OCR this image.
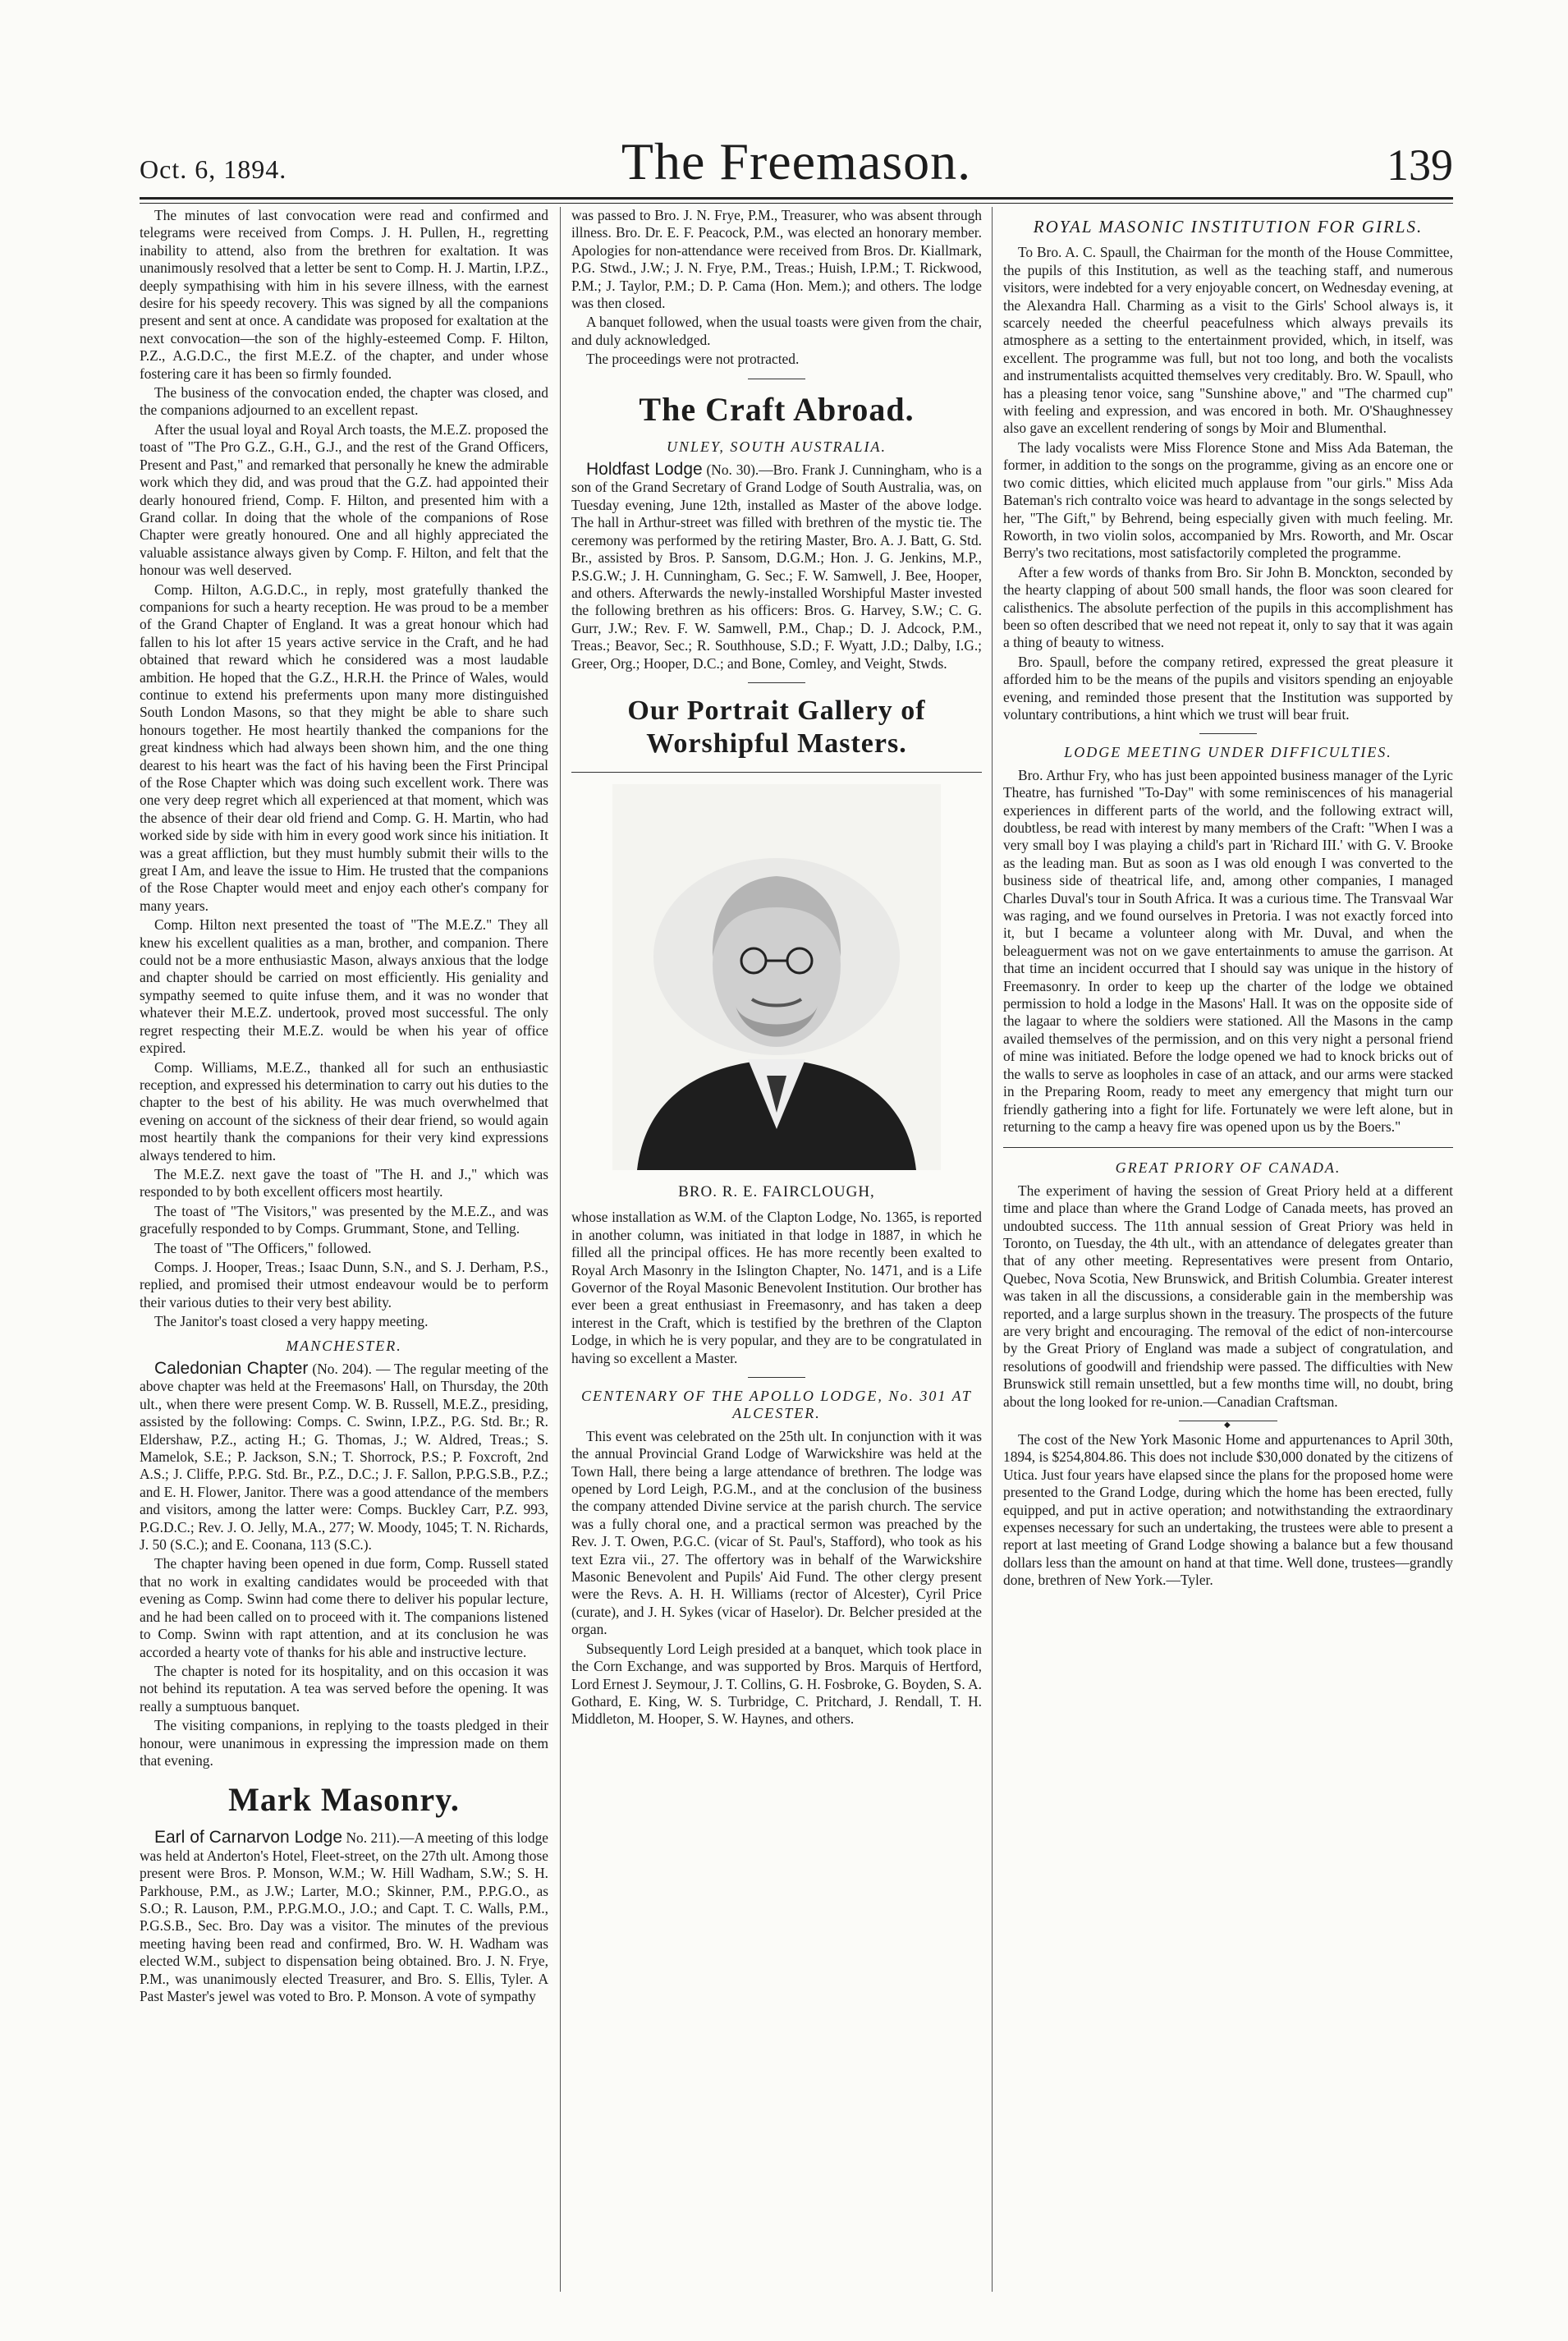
Oct. 6, 1894.	The Freemason.	139

The minutes of last convocation were read and confirmed and telegrams were received from Comps. J. H. Pullen, H., regretting inability to attend, also from the brethren for exaltation. It was unanimously resolved that a letter be sent to Comp. H. J. Martin, I.P.Z., deeply sympathising with him in his severe illness, with the earnest desire for his speedy recovery. This was signed by all the companions present and sent at once. A candidate was proposed for exaltation at the next convocation—the son of the highly-esteemed Comp. F. Hilton, P.Z., A.G.D.C., the first M.E.Z. of the chapter, and under whose fostering care it has been so firmly founded.

The business of the convocation ended, the chapter was closed, and the companions adjourned to an excellent repast.

After the usual loyal and Royal Arch toasts, the M.E.Z. proposed the toast of "The Pro G.Z., G.H., G.J., and the rest of the Grand Officers, Present and Past," and remarked that personally he knew the admirable work which they did, and was proud that the G.Z. had appointed their dearly honoured friend, Comp. F. Hilton, and presented him with a Grand collar. In doing that the whole of the companions of Rose Chapter were greatly honoured. One and all highly appreciated the valuable assistance always given by Comp. F. Hilton, and felt that the honour was well deserved.

Comp. Hilton, A.G.D.C., in reply, most gratefully thanked the companions for such a hearty reception. He was proud to be a member of the Grand Chapter of England. It was a great honour which had fallen to his lot after 15 years active service in the Craft, and he had obtained that reward which he considered was a most laudable ambition. He hoped that the G.Z., H.R.H. the Prince of Wales, would continue to extend his preferments upon many more distinguished South London Masons, so that they might be able to share such honours together. He most heartily thanked the companions for the great kindness which had always been shown him, and the one thing dearest to his heart was the fact of his having been the First Principal of the Rose Chapter which was doing such excellent work. There was one very deep regret which all experienced at that moment, which was the absence of their dear old friend and Comp. G. H. Martin, who had worked side by side with him in every good work since his initiation. It was a great affliction, but they must humbly submit their wills to the great I Am, and leave the issue to Him. He trusted that the companions of the Rose Chapter would meet and enjoy each other's company for many years.

Comp. Hilton next presented the toast of "The M.E.Z." They all knew his excellent qualities as a man, brother, and companion. There could not be a more enthusiastic Mason, always anxious that the lodge and chapter should be carried on most efficiently. His geniality and sympathy seemed to quite infuse them, and it was no wonder that whatever their M.E.Z. undertook, proved most successful. The only regret respecting their M.E.Z. would be when his year of office expired.

Comp. Williams, M.E.Z., thanked all for such an enthusiastic reception, and expressed his determination to carry out his duties to the chapter to the best of his ability. He was much overwhelmed that evening on account of the sickness of their dear friend, so would again most heartily thank the companions for their very kind expressions always tendered to him.

The M.E.Z. next gave the toast of "The H. and J.," which was responded to by both excellent officers most heartily.

The toast of "The Visitors," was presented by the M.E.Z., and was gracefully responded to by Comps. Grummant, Stone, and Telling.

The toast of "The Officers," followed.

Comps. J. Hooper, Treas.; Isaac Dunn, S.N., and S. J. Derham, P.S., replied, and promised their utmost endeavour would be to perform their various duties to their very best ability.

The Janitor's toast closed a very happy meeting.

MANCHESTER.

Caledonian Chapter (No. 204). — The regular meeting of the above chapter was held at the Freemasons' Hall, on Thursday, the 20th ult., when there were present Comp. W. B. Russell, M.E.Z., presiding, assisted by the following: Comps. C. Swinn, I.P.Z., P.G. Std. Br.; R. Eldershaw, P.Z., acting H.; G. Thomas, J.; W. Aldred, Treas.; S. Mamelok, S.E.; P. Jackson, S.N.; T. Shorrock, P.S.; P. Foxcroft, 2nd A.S.; J. Cliffe, P.P.G. Std. Br., P.Z., D.C.; J. F. Sallon, P.P.G.S.B., P.Z.; and E. H. Flower, Janitor. There was a good attendance of the members and visitors, among the latter were: Comps. Buckley Carr, P.Z. 993, P.G.D.C.; Rev. J. O. Jelly, M.A., 277; W. Moody, 1045; T. N. Richards, J. 50 (S.C.); and E. Coonana, 113 (S.C.).

The chapter having been opened in due form, Comp. Russell stated that no work in exalting candidates would be proceeded with that evening as Comp. Swinn had come there to deliver his popular lecture, and he had been called on to proceed with it. The companions listened to Comp. Swinn with rapt attention, and at its conclusion he was accorded a hearty vote of thanks for his able and instructive lecture.

The chapter is noted for its hospitality, and on this occasion it was not behind its reputation. A tea was served before the opening. It was really a sumptuous banquet.

The visiting companions, in replying to the toasts pledged in their honour, were unanimous in expressing the impression made on them that evening.

Mark Masonry.

Earl of Carnarvon Lodge No. 211).—A meeting of this lodge was held at Anderton's Hotel, Fleet-street, on the 27th ult. Among those present were Bros. P. Monson, W.M.; W. Hill Wadham, S.W.; S. H. Parkhouse, P.M., as J.W.; Larter, M.O.; Skinner, P.M., P.P.G.O., as S.O.; R. Lauson, P.M., P.P.G.M.O., J.O.; and Capt. T. C. Walls, P.M., P.G.S.B., Sec. Bro. Day was a visitor. The minutes of the previous meeting having been read and confirmed, Bro. W. H. Wadham was elected W.M., subject to dispensation being obtained. Bro. J. N. Frye, P.M., was unanimously elected Treasurer, and Bro. S. Ellis, Tyler. A Past Master's jewel was voted to Bro. P. Monson. A vote of sympathy

was passed to Bro. J. N. Frye, P.M., Treasurer, who was absent through illness. Bro. Dr. E. F. Peacock, P.M., was elected an honorary member. Apologies for non-attendance were received from Bros. Dr. Kiallmark, P.G. Stwd., J.W.; J. N. Frye, P.M., Treas.; Huish, I.P.M.; T. Rickwood, P.M.; J. Taylor, P.M.; D. P. Cama (Hon. Mem.); and others. The lodge was then closed.

A banquet followed, when the usual toasts were given from the chair, and duly acknowledged.

The proceedings were not protracted.

The Craft Abroad.
UNLEY, SOUTH AUSTRALIA.

Holdfast Lodge (No. 30).—Bro. Frank J. Cunningham, who is a son of the Grand Secretary of Grand Lodge of South Australia, was, on Tuesday evening, June 12th, installed as Master of the above lodge. The hall in Arthur-street was filled with brethren of the mystic tie. The ceremony was performed by the retiring Master, Bro. A. J. Batt, G. Std. Br., assisted by Bros. P. Sansom, D.G.M.; Hon. J. G. Jenkins, M.P., P.S.G.W.; J. H. Cunningham, G. Sec.; F. W. Samwell, J. Bee, Hooper, and others. Afterwards the newly-installed Worshipful Master invested the following brethren as his officers: Bros. G. Harvey, S.W.; C. G. Gurr, J.W.; Rev. F. W. Samwell, P.M., Chap.; D. J. Adcock, P.M., Treas.; Beavor, Sec.; R. Southhouse, S.D.; F. Wyatt, J.D.; Dalby, I.G.; Greer, Org.; Hooper, D.C.; and Bone, Comley, and Veight, Stwds.

Our Portrait Gallery of Worshipful Masters.
BRO. R. E. FAIRCLOUGH,

whose installation as W.M. of the Clapton Lodge, No. 1365, is reported in another column, was initiated in that lodge in 1887, in which he filled all the principal offices. He has more recently been exalted to Royal Arch Masonry in the Islington Chapter, No. 1471, and is a Life Governor of the Royal Masonic Benevolent Institution. Our brother has ever been a great enthusiast in Freemasonry, and has taken a deep interest in the Craft, which is testified by the brethren of the Clapton Lodge, in which he is very popular, and they are to be congratulated in having so excellent a Master.

CENTENARY OF THE APOLLO LODGE, No. 301 AT ALCESTER.

This event was celebrated on the 25th ult. In conjunction with it was the annual Provincial Grand Lodge of Warwickshire was held at the Town Hall, there being a large attendance of brethren. The lodge was opened by Lord Leigh, P.G.M., and at the conclusion of the business the company attended Divine service at the parish church. The service was a fully choral one, and a practical sermon was preached by the Rev. J. T. Owen, P.G.C. (vicar of St. Paul's, Stafford), who took as his text Ezra vii., 27. The offertory was in behalf of the Warwickshire Masonic Benevolent and Pupils' Aid Fund. The other clergy present were the Revs. A. H. H. Williams (rector of Alcester), Cyril Price (curate), and J. H. Sykes (vicar of Haselor). Dr. Belcher presided at the organ.

Subsequently Lord Leigh presided at a banquet, which took place in the Corn Exchange, and was supported by Bros. Marquis of Hertford, Lord Ernest J. Seymour, J. T. Collins, G. H. Fosbroke, G. Boyden, S. A. Gothard, E. King, W. S. Turbridge, C. Pritchard, J. Rendall, T. H. Middleton, M. Hooper, S. W. Haynes, and others.

ROYAL MASONIC INSTITUTION FOR GIRLS.

To Bro. A. C. Spaull, the Chairman for the month of the House Committee, the pupils of this Institution, as well as the teaching staff, and numerous visitors, were indebted for a very enjoyable concert, on Wednesday evening, at the Alexandra Hall. Charming as a visit to the Girls' School always is, it scarcely needed the cheerful peacefulness which always prevails its atmosphere as a setting to the entertainment provided, which, in itself, was excellent. The programme was full, but not too long, and both the vocalists and instrumentalists acquitted themselves very creditably. Bro. W. Spaull, who has a pleasing tenor voice, sang "Sunshine above," and "The charmed cup" with feeling and expression, and was encored in both. Mr. O'Shaughnessey also gave an excellent rendering of songs by Moir and Blumenthal.

The lady vocalists were Miss Florence Stone and Miss Ada Bateman, the former, in addition to the songs on the programme, giving as an encore one or two comic ditties, which elicited much applause from "our girls." Miss Ada Bateman's rich contralto voice was heard to advantage in the songs selected by her, "The Gift," by Behrend, being especially given with much feeling. Mr. Roworth, in two violin solos, accompanied by Mrs. Roworth, and Mr. Oscar Berry's two recitations, most satisfactorily completed the programme.

After a few words of thanks from Bro. Sir John B. Monckton, seconded by the hearty clapping of about 500 small hands, the floor was soon cleared for calisthenics. The absolute perfection of the pupils in this accomplishment has been so often described that we need not repeat it, only to say that it was again a thing of beauty to witness.

Bro. Spaull, before the company retired, expressed the great pleasure it afforded him to be the means of the pupils and visitors spending an enjoyable evening, and reminded those present that the Institution was supported by voluntary contributions, a hint which we trust will bear fruit.

LODGE MEETING UNDER DIFFICULTIES.

Bro. Arthur Fry, who has just been appointed business manager of the Lyric Theatre, has furnished "To-Day" with some reminiscences of his managerial experiences in different parts of the world, and the following extract will, doubtless, be read with interest by many members of the Craft: "When I was a very small boy I was playing a child's part in 'Richard III.' with G. V. Brooke as the leading man. But as soon as I was old enough I was converted to the business side of theatrical life, and, among other companies, I managed Charles Duval's tour in South Africa. It was a curious time. The Transvaal War was raging, and we found ourselves in Pretoria. I was not exactly forced into it, but I became a volunteer along with Mr. Duval, and when the beleaguerment was not on we gave entertainments to amuse the garrison. At that time an incident occurred that I should say was unique in the history of Freemasonry. In order to keep up the charter of the lodge we obtained permission to hold a lodge in the Masons' Hall. It was on the opposite side of the lagaar to where the soldiers were stationed. All the Masons in the camp availed themselves of the permission, and on this very night a personal friend of mine was initiated. Before the lodge opened we had to knock bricks out of the walls to serve as loopholes in case of an attack, and our arms were stacked in the Preparing Room, ready to meet any emergency that might turn our friendly gathering into a fight for life. Fortunately we were left alone, but in returning to the camp a heavy fire was opened upon us by the Boers."

GREAT PRIORY OF CANADA.

The experiment of having the session of Great Priory held at a different time and place than where the Grand Lodge of Canada meets, has proved an undoubted success. The 11th annual session of Great Priory was held in Toronto, on Tuesday, the 4th ult., with an attendance of delegates greater than that of any other meeting. Representatives were present from Ontario, Quebec, Nova Scotia, New Brunswick, and British Columbia. Greater interest was taken in all the discussions, a considerable gain in the membership was reported, and a large surplus shown in the treasury. The prospects of the future are very bright and encouraging. The removal of the edict of non-intercourse by the Great Priory of England was made a subject of congratulation, and resolutions of goodwill and friendship were passed. The difficulties with New Brunswick still remain unsettled, but a few months time will, no doubt, bring about the long looked for re-union.—Canadian Craftsman.

◆

The cost of the New York Masonic Home and appurtenances to April 30th, 1894, is $254,804.86. This does not include $30,000 donated by the citizens of Utica. Just four years have elapsed since the plans for the proposed home were presented to the Grand Lodge, during which the home has been erected, fully equipped, and put in active operation; and notwithstanding the extraordinary expenses necessary for such an undertaking, the trustees were able to present a report at last meeting of Grand Lodge showing a balance but a few thousand dollars less than the amount on hand at that time. Well done, trustees—grandly done, brethren of New York.—Tyler.
